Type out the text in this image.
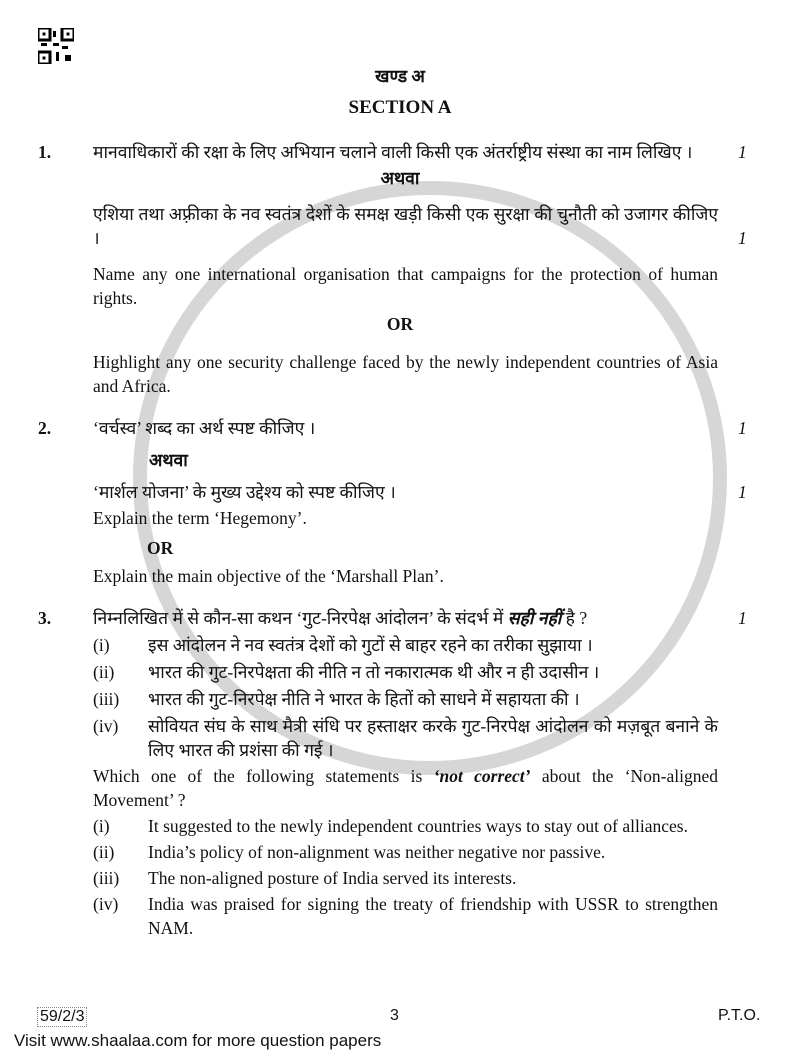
खण्ड अ
SECTION A
1.	मानवाधिकारों की रक्षा के लिए अभियान चलाने वाली किसी एक अंतर्राष्ट्रीय संस्था का नाम लिखिए ।	1
अथवा
एशिया तथा अफ़्रीका के नव स्वतंत्र देशों के समक्ष खड़ी किसी एक सुरक्षा की चुनौती को उजागर कीजिए ।	1
Name any one international organisation that campaigns for the protection of human rights.
OR
Highlight any one security challenge faced by the newly independent countries of Asia and Africa.
2.	‘वर्चस्व’ शब्द का अर्थ स्पष्ट कीजिए ।	1
अथवा
‘मार्शल योजना’ के मुख्य उद्देश्य को स्पष्ट कीजिए ।	1
Explain the term ‘Hegemony’.
OR
Explain the main objective of the ‘Marshall Plan’.
3.	निम्नलिखित में से कौन-सा कथन ‘गुट-निरपेक्ष आंदोलन’ के संदर्भ में सही नहीं है ?	1
(i)	इस आंदोलन ने नव स्वतंत्र देशों को गुटों से बाहर रहने का तरीका सुझाया ।
(ii)	भारत की गुट-निरपेक्षता की नीति न तो नकारात्मक थी और न ही उदासीन ।
(iii)	भारत की गुट-निरपेक्ष नीति ने भारत के हितों को साधने में सहायता की ।
(iv)	सोवियत संघ के साथ मैत्री संधि पर हस्ताक्षर करके गुट-निरपेक्ष आंदोलन को मज़बूत बनाने के लिए भारत की प्रशंसा की गई ।
Which one of the following statements is ‘not correct’ about the ‘Non-aligned Movement’ ?
(i)	It suggested to the newly independent countries ways to stay out of alliances.
(ii)	India’s policy of non-alignment was neither negative nor passive.
(iii)	The non-aligned posture of India served its interests.
(iv)	India was praised for signing the treaty of friendship with USSR to strengthen NAM.
59/2/3	3	P.T.O.
Visit www.shaalaa.com for more question papers
